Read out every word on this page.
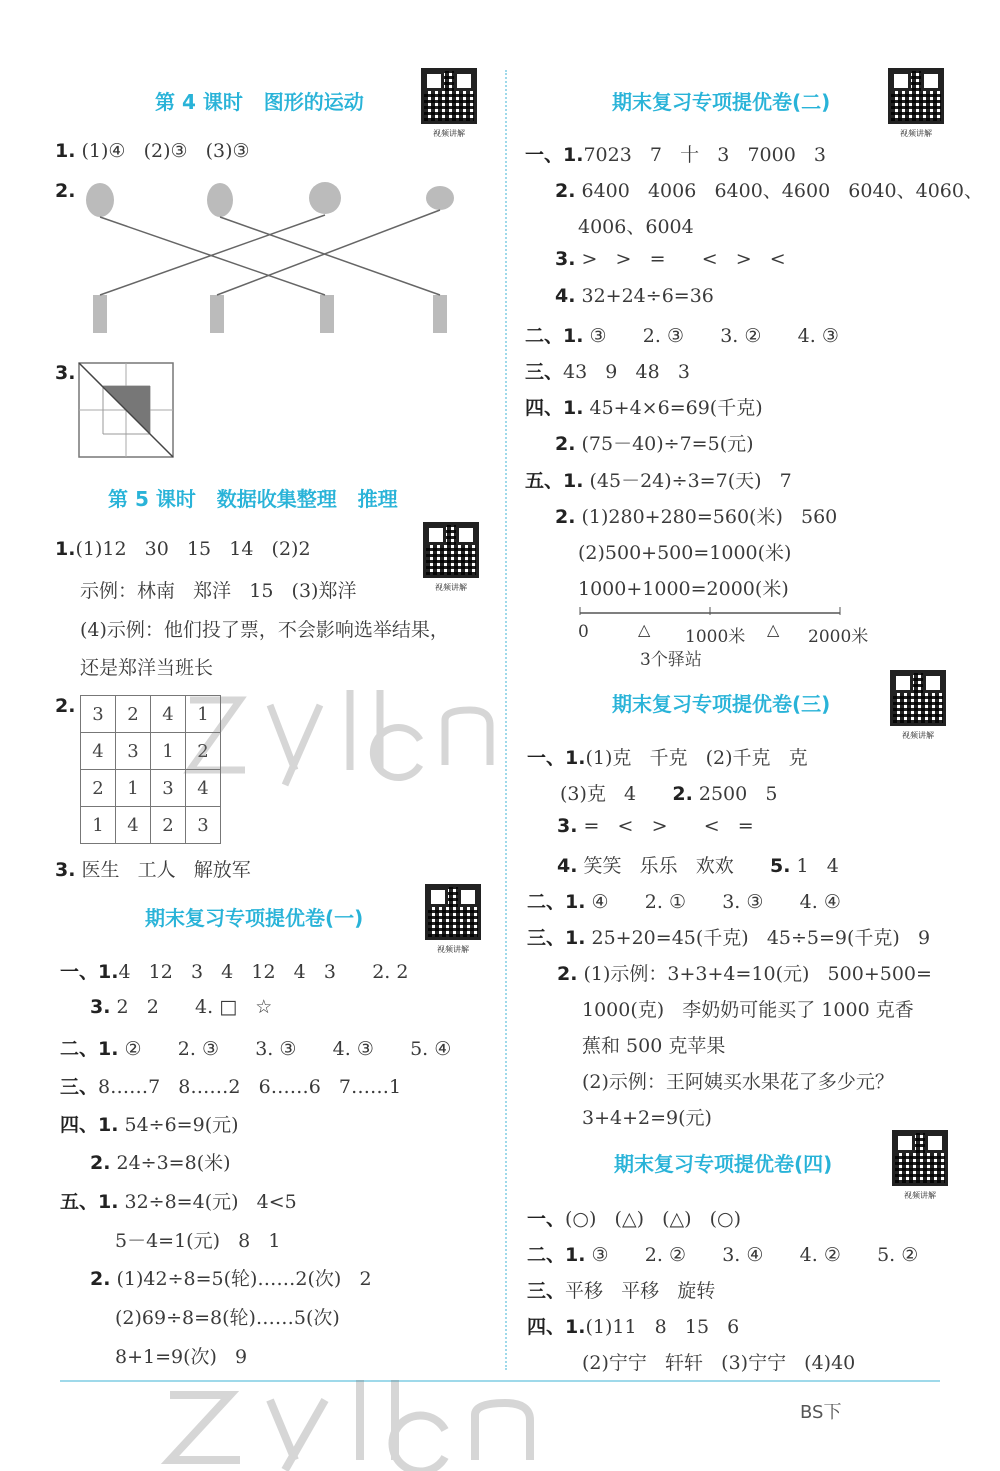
第 4 课时   图形的运动
视频讲解
1. (1)④   (2)③   (3)③
2.
3.
第 5 课时   数据收集整理   推理
视频讲解
1.(1)12   30   15   14   (2)2
示例：林南   郑洋   15   (3)郑洋
(4)示例：他们投了票，不会影响选举结果，
还是郑洋当班长
2. 3	2	4	1
4	3	1	2
2	1	3	4
1	4	2	3
3. 医生   工人   解放军
期末复习专项提优卷(一)
视频讲解
一、1.4   12   3   4   12   4   3      2. 2
3. 2   2      4. □   ☆
二、1. ②      2. ③      3. ③      4. ③      5. ④
三、8……7   8……2   6……6   7……1
四、1. 54÷6=9(元)
2. 24÷3=8(米)
五、1. 32÷8=4(元)   4<5
5－4=1(元)   8   1
2. (1)42÷8=5(轮)……2(次)   2
(2)69÷8=8(轮)……5(次)
8+1=9(次)   9
期末复习专项提优卷(二)
视频讲解
一、1.7023   7   十   3   7000   3
2. 6400   4006   6400、4600   6040、4060、
4006、6004
3. >   >   =      <   >   <
4. 32+24÷6=36
二、1. ③      2. ③      3. ②      4. ③
三、43   9   48   3
四、1. 45+4×6=69(千克)
2. (75－40)÷7=5(元)
五、1. (45－24)÷3=7(天)   7
2. (1)280+280=560(米)   560
(2)500+500=1000(米)
1000+1000=2000(米)
0	△ 1000米 △ 2000米
3个驿站
期末复习专项提优卷(三)
视频讲解
一、1.(1)克   千克   (2)千克   克
(3)克   4 2. 2500   5
3. =   <   >      <   =
4. 笑笑   乐乐   欢欢 5. 1   4
二、1. ④      2. ①      3. ③      4. ④
三、1. 25+20=45(千克)   45÷5=9(千克)   9
2. (1)示例：3+3+4=10(元)   500+500=
1000(克)   李奶奶可能买了 1000 克香
蕉和 500 克苹果
(2)示例：王阿姨买水果花了多少元？
3+4+2=9(元)
期末复习专项提优卷(四)
视频讲解
一、(○)   (△)   (△)   (○)
二、1. ③      2. ②      3. ④      4. ②      5. ②
三、平移   平移   旋转
四、1.(1)11   8   15   6
(2)宁宁   轩轩   (3)宁宁   (4)40
BS下
